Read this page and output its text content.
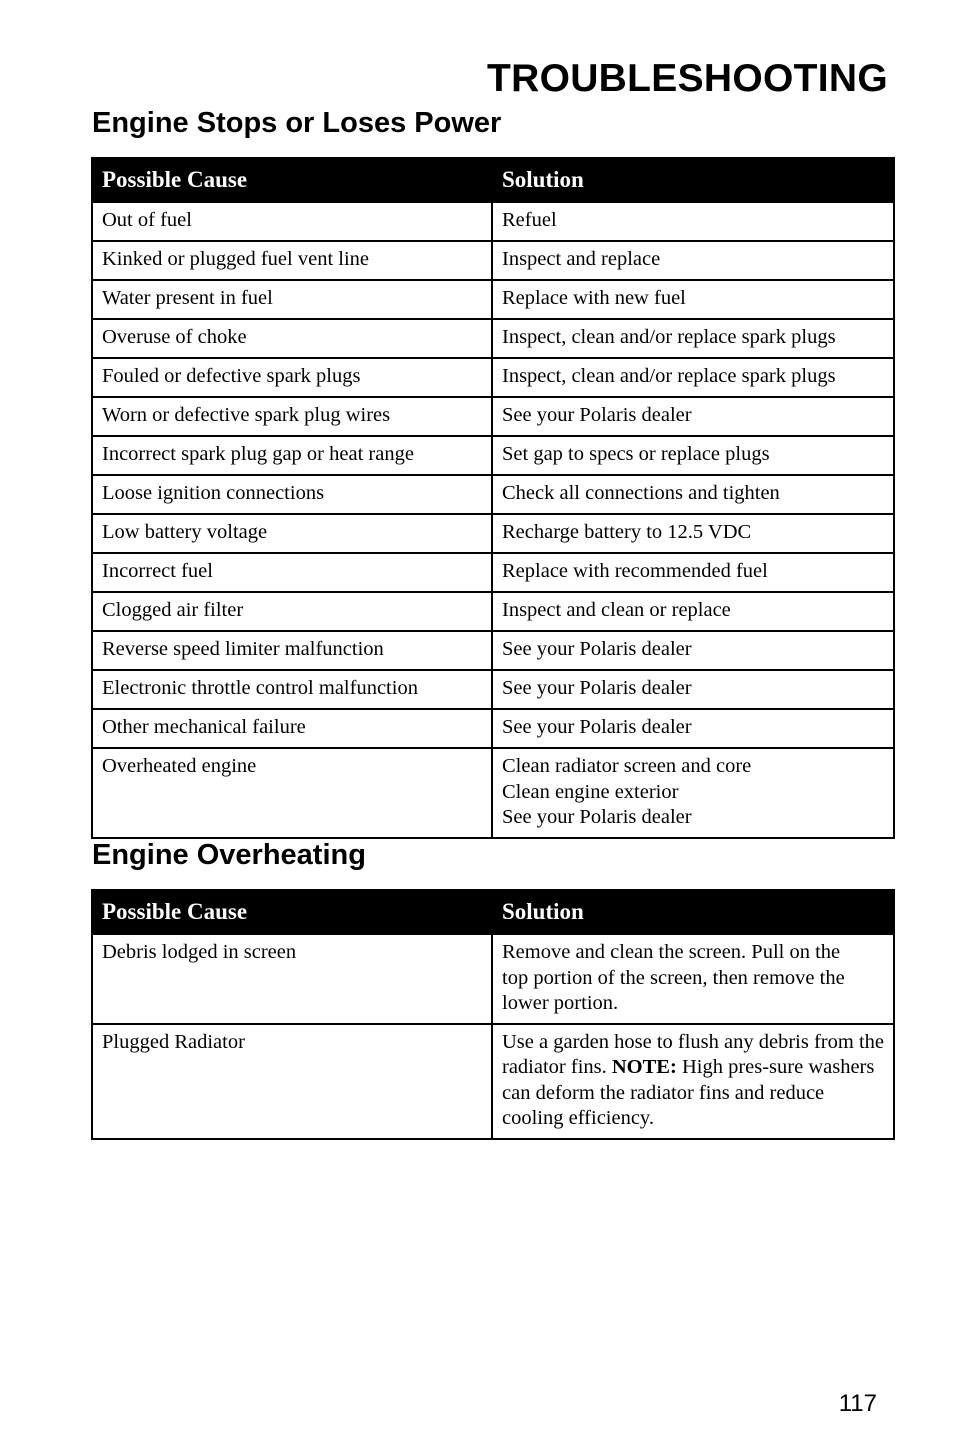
TROUBLESHOOTING
Engine Stops or Loses Power
Possible Cause	Solution
Out of fuel	Refuel

Kinked or plugged fuel vent line	Inspect and replace

Water present in fuel	Replace with new fuel

Overuse of choke	Inspect, clean and/or replace spark plugs

Fouled or defective spark plugs	Inspect, clean and/or replace spark plugs

Worn or defective spark plug wires	See your Polaris dealer

Incorrect spark plug gap or heat range	Set gap to specs or replace plugs

Loose ignition connections	Check all connections and tighten

Low battery voltage	Recharge battery to 12.5 VDC

Incorrect fuel	Replace with recommended fuel

Clogged air filter	Inspect and clean or replace

Reverse speed limiter malfunction	See your Polaris dealer

Electronic throttle control malfunction	See your Polaris dealer

Other mechanical failure	See your Polaris dealer

Overheated engine	Clean radiator screen and core
Clean engine exterior
See your Polaris dealer
Engine Overheating
Possible Cause	Solution
Debris lodged in screen	Remove and clean the screen. Pull on the
top portion of the screen, then remove the
lower portion.

Plugged Radiator	Use a garden hose to flush any debris from the radiator fins. NOTE: High pres-sure washers can deform the radiator fins and reduce cooling efficiency.
117
